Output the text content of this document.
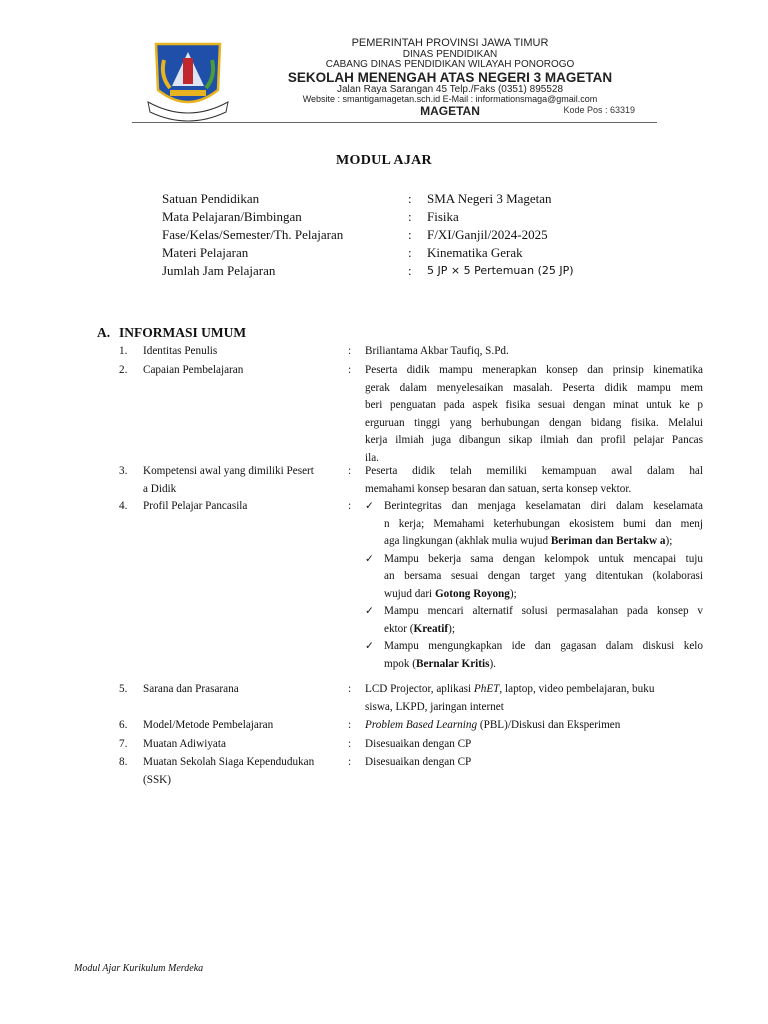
PEMERINTAH PROVINSI JAWA TIMUR
DINAS PENDIDIKAN
CABANG DINAS PENDIDIKAN WILAYAH PONOROGO
SEKOLAH MENENGAH ATAS NEGERI 3 MAGETAN
Jalan Raya Sarangan 45 Telp./Faks (0351) 895528
Website : smantigamagetan.sch.id E-Mail : informationsmaga@gmail.com
MAGETAN	Kode Pos : 63319
MODUL AJAR
Satuan Pendidikan	: SMA Negeri 3 Magetan
Mata Pelajaran/Bimbingan	: Fisika
Fase/Kelas/Semester/Th. Pelajaran	: F/XI/Ganjil/2024-2025
Materi Pelajaran	: Kinematika Gerak
Jumlah Jam Pelajaran	: 5 JP × 5 Pertemuan (25 JP)
A. INFORMASI UMUM
1.	Identitas Penulis	: Briliantama Akbar Taufiq, S.Pd.
2.	Capaian Pembelajaran	: Peserta didik mampu menerapkan konsep dan prinsip kinematika
gerak dalam menyelesaikan masalah. Peserta didik mampu mem
beri penguatan pada aspek fisika sesuai dengan minat untuk ke p
erguruan tinggi yang berhubungan dengan bidang fisika. Melalui
kerja ilmiah juga dibangun sikap ilmiah dan profil pelajar Pancas
ila.
3.	Kompetensi awal yang dimiliki Pesert
a Didik
: Peserta didik telah memiliki kemampuan awal dalam hal
memahami konsep besaran dan satuan, serta konsep vektor.
4.	Profil Pelajar Pancasila	: ✓ Berintegritas dan menjaga keselamatan diri dalam keselamata
n kerja; Memahami keterhubungan ekosistem bumi dan menj
aga lingkungan (akhlak mulia wujud Beriman dan Bertakw a);
✓ Mampu bekerja sama dengan kelompok untuk mencapai tuju
an bersama sesuai dengan target yang ditentukan (kolaborasi
wujud dari Gotong Royong);
✓ Mampu mencari alternatif solusi permasalahan pada konsep v
ektor (Kreatif);
✓ Mampu mengungkapkan ide dan gagasan dalam diskusi kelo
mpok (Bernalar Kritis).
5.	Sarana dan Prasarana	: LCD Projector, aplikasi PhET, laptop, video pembelajaran, buku
siswa, LKPD, jaringan internet
6.	Model/Metode Pembelajaran	: Problem Based Learning (PBL)/Diskusi dan Eksperimen
7.	Muatan Adiwiyata	: Disesuaikan dengan CP
8.	Muatan Sekolah Siaga Kependudukan
(SSK)
: Disesuaikan dengan CP
Modul Ajar Kurikulum Merdeka
